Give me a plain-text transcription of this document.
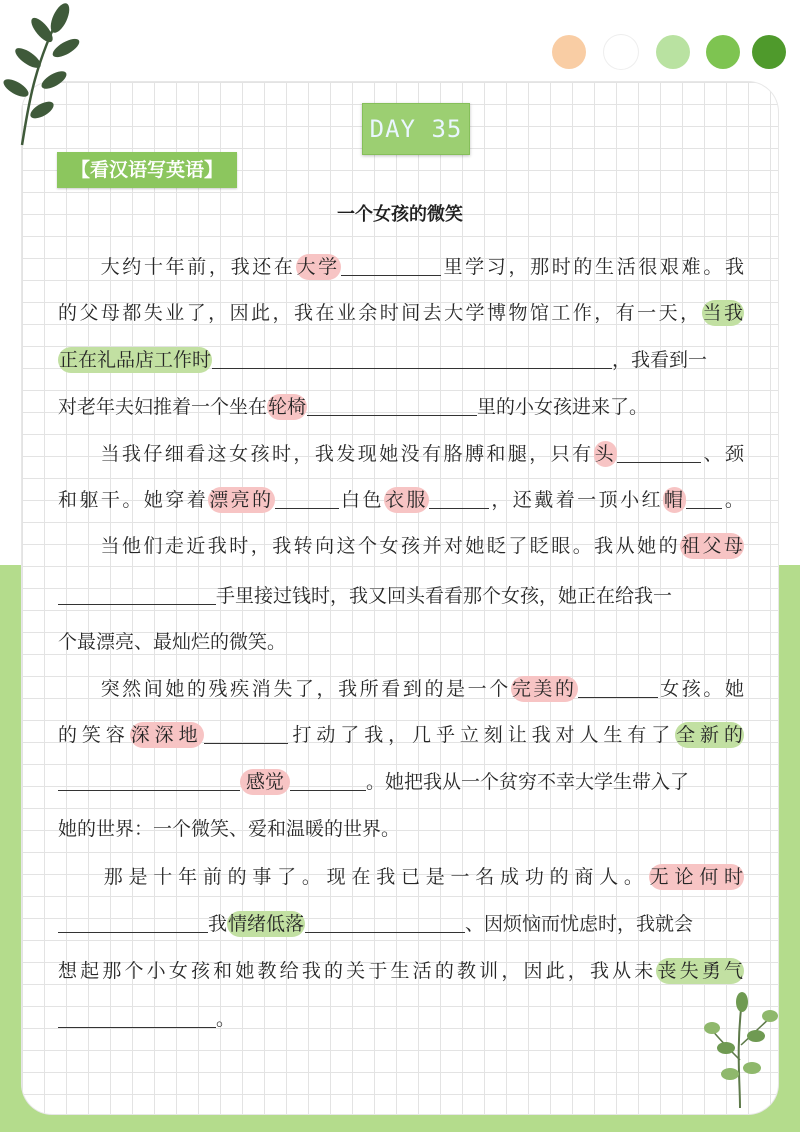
DAY 35
【看汉语写英语】
一个女孩的微笑
大约十年前，我还在大学	里学习，那时的生活很艰难。我
的父母都失业了，因此，我在业余时间去大学博物馆工作，有一天，当我
正在礼品店工作时	，我看到一
对老年夫妇推着一个坐在轮椅	里的小女孩进来了。
当我仔细看这女孩时，我发现她没有胳膊和腿，只有头	、颈
和躯干。她穿着漂亮的	白色衣服	，还戴着一顶小红帽 。
当他们走近我时，我转向这个女孩并对她眨了眨眼。我从她的祖父母
手里接过钱时，我又回头看看那个女孩，她正在给我一
个最漂亮、最灿烂的微笑。
突然间她的残疾消失了，我所看到的是一个完美的	女孩。她
的笑容深深地	打动了我，几乎立刻让我对人生有了全新的
感觉	。她把我从一个贫穷不幸大学生带入了
她的世界：一个微笑、爱和温暖的世界。
那是十年前的事了。现在我已是一名成功的商人。无论何时
我情绪低落	、因烦恼而忧虑时，我就会
想起那个小女孩和她教给我的关于生活的教训，因此，我从未丧失勇气
。
